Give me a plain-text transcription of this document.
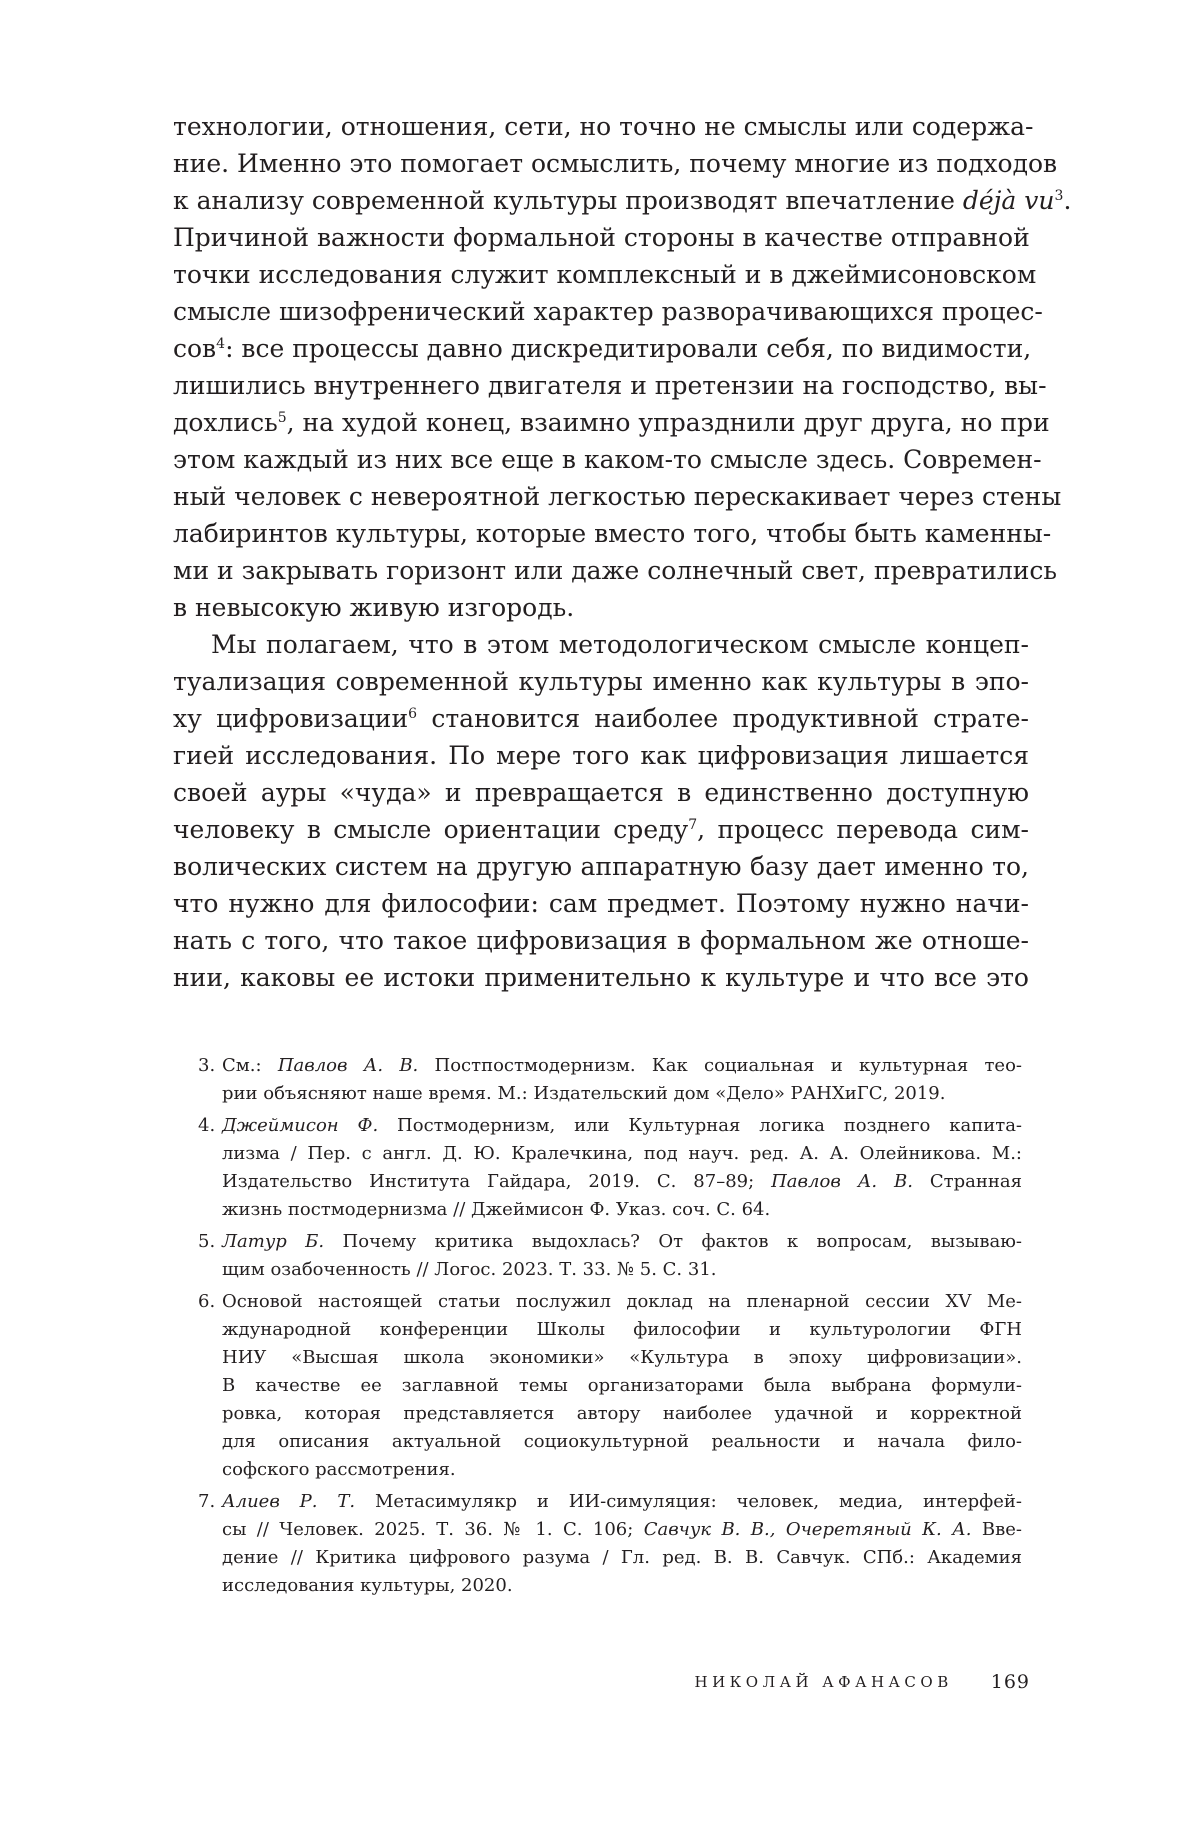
технологии, отношения, сети, но точно не смыслы или содержа-
ние. Именно это помогает осмыслить, почему многие из подходов
к анализу современной культуры производят впечатление déjà $vu^3$.
Причиной важности формальной стороны в качестве отправной
точки исследования служит комплексный и в джеймисоновском
смысле шизофренический характер разворачивающихся процес-
сов$^4$: все процессы давно дискредитировали себя, по видимости,
лишились внутреннего двигателя и претензии на господство, вы-
дохлись$^5$, на худой конец, взаимно упразднили друг друга, но при
этом каждый из них все еще в каком-то смысле здесь. Современ-
ный человек с невероятной легкостью перескакивает через стены
лабиринтов культуры, которые вместо того, чтобы быть каменны-
ми и закрывать горизонт или даже солнечный свет, превратились
в невысокую живую изгородь.
Мы полагаем, что в этом методологическом смысле концеп-
туализация современной культуры именно как культуры в эпо-
ху цифровизации$^6$ становится наиболее продуктивной страте-
гией исследования. По мере того как цифровизация лишается
своей ауры «чуда» и превращается в единственно доступную
человеку в смысле ориентации среду$^7$, процесс перевода сим-
волических систем на другую аппаратную базу дает именно то,
что нужно для философии: сам предмет. Поэтому нужно начи-
нать с того, что такое цифровизация в формальном же отноше-
нии, каковы ее истоки применительно к культуре и что все это
3. См.: Павлов А. В. Постпостмодернизм. Как социальная и культурная тео-
рии объясняют наше время. М.: Издательский дом «Дело» РАНХиГС, 2019.
4. Джеймисон Ф. Постмодернизм, или Культурная логика позднего капита-
лизма / Пер. с англ. Д. Ю. Кралечкина, под науч. ред. А. А. Олейникова. М.:
Издательство Института Гайдара, 2019. С. 87–89; Павлов А. В. Странная
жизнь постмодернизма // Джеймисон Ф. Указ. соч. С. 64.
5. Латур Б. Почему критика выдохлась? От фактов к вопросам, вызываю-
щим озабоченность // Логос. 2023. Т. 33. № 5. С. 31.
6. Основой настоящей статьи послужил доклад на пленарной сессии XV Ме-
ждународной конференции Школы философии и культурологии ФГН
НИУ «Высшая школа экономики» «Культура в эпоху цифровизации».
В качестве ее заглавной темы организаторами была выбрана формули-
ровка, которая представляется автору наиболее удачной и корректной
для описания актуальной социокультурной реальности и начала фило-
софского рассмотрения.
7. Алиев Р. Т. Метасимулякр и ИИ-симуляция: человек, медиа, интерфей-
сы // Человек. 2025. Т. 36. № 1. С. 106; Савчук В. В., Очеретяный К. А. Вве-
дение // Критика цифрового разума / Гл. ред. В. В. Савчук. СПб.: Академия
исследования культуры, 2020.
НИКОЛАЙ АФАНАСОВ 169
